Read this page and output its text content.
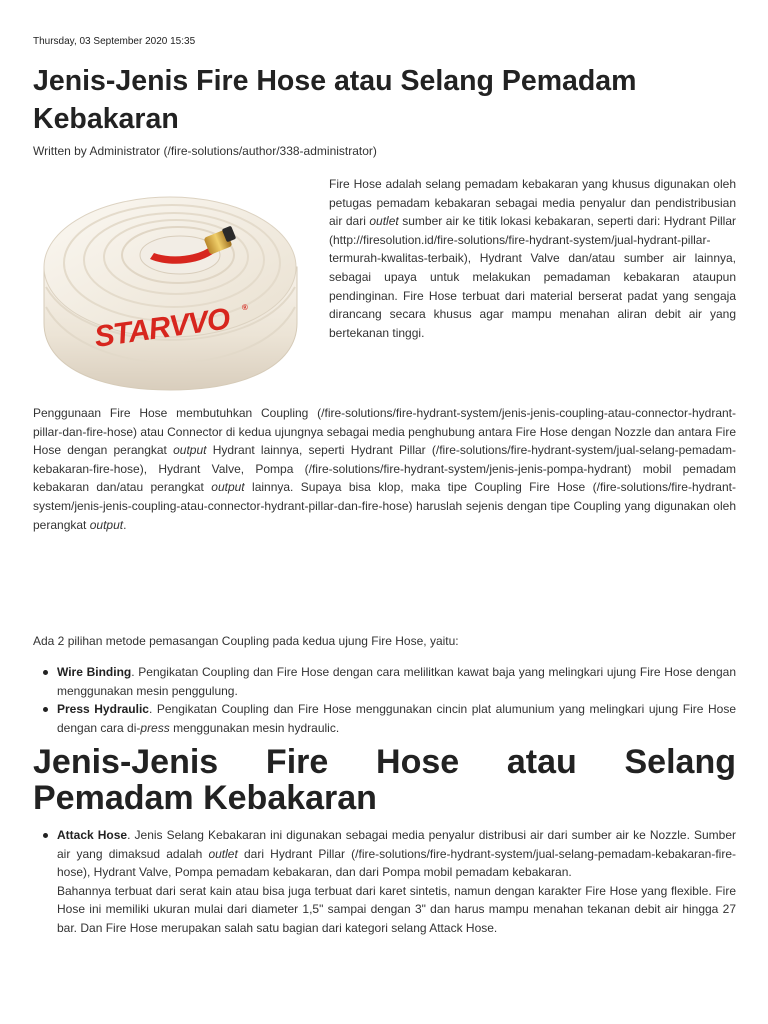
Thursday, 03 September 2020 15:35
Jenis-Jenis Fire Hose atau Selang Pemadam Kebakaran
Written by Administrator (/fire-solutions/author/338-administrator)
STARVVO ®

Fire Hose adalah selang pemadam kebakaran yang khusus digunakan oleh petugas pemadam kebakaran sebagai media penyalur dan pendistribusian air dari outlet sumber air ke titik lokasi kebakaran, seperti dari: Hydrant Pillar (http://firesolution.id/fire-solutions/fire-hydrant-system/jual-hydrant-pillar-termurah-kwalitas-terbaik), Hydrant Valve dan/atau sumber air lainnya, sebagai upaya untuk melakukan pemadaman kebakaran ataupun pendinginan. Fire Hose terbuat dari material berserat padat yang sengaja dirancang secara khusus agar mampu menahan aliran debit air yang bertekanan tinggi.

Penggunaan Fire Hose membutuhkan Coupling (/fire-solutions/fire-hydrant-system/jenis-jenis-coupling-atau-connector-hydrant-pillar-dan-fire-hose) atau Connector di kedua ujungnya sebagai media penghubung antara Fire Hose dengan Nozzle dan antara Fire Hose dengan perangkat output Hydrant lainnya, seperti Hydrant Pillar (/fire-solutions/fire-hydrant-system/jual-selang-pemadam-kebakaran-fire-hose), Hydrant Valve, Pompa (/fire-solutions/fire-hydrant-system/jenis-jenis-pompa-hydrant) mobil pemadam kebakaran dan/atau perangkat output lainnya. Supaya bisa klop, maka tipe Coupling Fire Hose (/fire-solutions/fire-hydrant-system/jenis-jenis-coupling-atau-connector-hydrant-pillar-dan-fire-hose) haruslah sejenis dengan tipe Coupling yang digunakan oleh perangkat output.

Ada 2 pilihan metode pemasangan Coupling pada kedua ujung Fire Hose, yaitu:

Wire Binding. Pengikatan Coupling dan Fire Hose dengan cara melilitkan kawat baja yang melingkari ujung Fire Hose dengan menggunakan mesin penggulung.
Press Hydraulic. Pengikatan Coupling dan Fire Hose menggunakan cincin plat alumunium yang melingkari ujung Fire Hose dengan cara di-press menggunakan mesin hydraulic.
Jenis-Jenis Fire Hose atau Selang Pemadam Kebakaran
Attack Hose. Jenis Selang Kebakaran ini digunakan sebagai media penyalur distribusi air dari sumber air ke Nozzle. Sumber air yang dimaksud adalah outlet dari Hydrant Pillar (/fire-solutions/fire-hydrant-system/jual-selang-pemadam-kebakaran-fire-hose), Hydrant Valve, Pompa pemadam kebakaran, dan dari Pompa mobil pemadam kebakaran.
Bahannya terbuat dari serat kain atau bisa juga terbuat dari karet sintetis, namun dengan karakter Fire Hose yang flexible. Fire Hose ini memiliki ukuran mulai dari diameter 1,5" sampai dengan 3" dan harus mampu menahan tekanan debit air hingga 27 bar. Dan Fire Hose merupakan salah satu bagian dari kategori selang Attack Hose.
